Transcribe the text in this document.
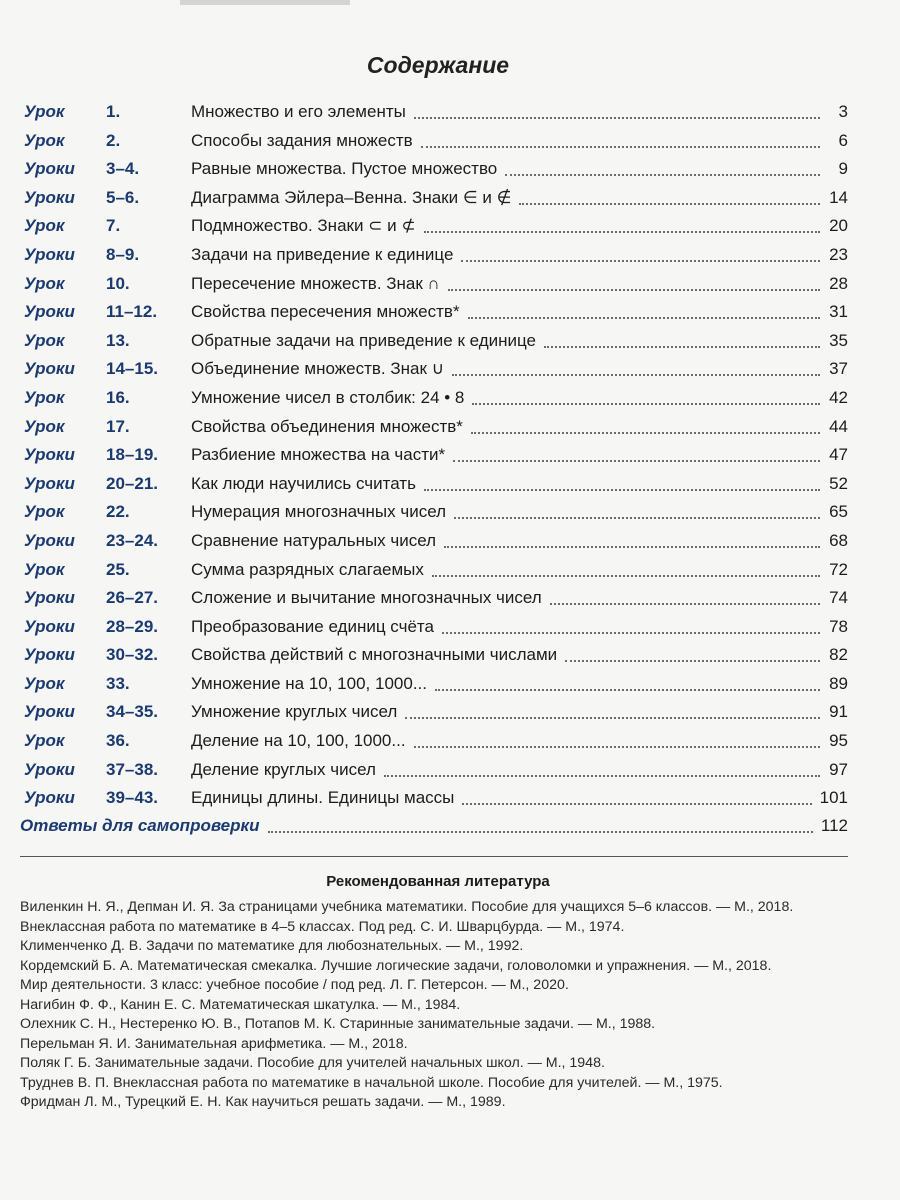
Содержание
Урок 1.	Множество и его элементы	3
Урок 2.	Способы задания множеств	6
Уроки 3–4.	Равные множества. Пустое множество	9
Уроки 5–6.	Диаграмма Эйлера–Венна. Знаки ∈ и ∉	14
Урок 7.	Подмножество. Знаки ⊂ и ⊄	20
Уроки 8–9.	Задачи на приведение к единице	23
Урок 10.	Пересечение множеств. Знак ∩	28
Уроки 11–12. Свойства пересечения множеств*	31
Урок 13.	Обратные задачи на приведение к единице	35
Уроки 14–15. Объединение множеств. Знак ∪	37
Урок 16.	Умножение чисел в столбик: 24 • 8	42
Урок 17.	Свойства объединения множеств*	44
Уроки 18–19. Разбиение множества на части*	47
Уроки 20–21. Как люди научились считать	52
Урок 22.	Нумерация многозначных чисел	65
Уроки 23–24. Сравнение натуральных чисел	68
Урок 25.	Сумма разрядных слагаемых	72
Уроки 26–27. Сложение и вычитание многозначных чисел	74
Уроки 28–29. Преобразование единиц счёта	78
Уроки 30–32. Свойства действий с многозначными числами	82
Урок 33.	Умножение на 10, 100, 1000...	89
Уроки 34–35. Умножение круглых чисел	91
Урок 36.	Деление на 10, 100, 1000...	95
Уроки 37–38. Деление круглых чисел	97
Уроки 39–43. Единицы длины. Единицы массы	101
Ответы для самопроверки	112
Рекомендованная литература
Виленкин Н. Я., Депман И. Я. За страницами учебника математики. Пособие для учащихся 5–6 классов. — М., 2018.
Внеклассная работа по математике в 4–5 классах. Под ред. С. И. Шварцбурда. — М., 1974.
Клименченко Д. В. Задачи по математике для любознательных. — М., 1992.
Кордемский Б. А. Математическая смекалка. Лучшие логические задачи, головоломки и упражнения. — М., 2018.
Мир деятельности. 3 класс: учебное пособие / под ред. Л. Г. Петерсон. — М., 2020.
Нагибин Ф. Ф., Канин Е. С. Математическая шкатулка. — М., 1984.
Олехник С. Н., Нестеренко Ю. В., Потапов М. К. Старинные занимательные задачи. — М., 1988.
Перельман Я. И. Занимательная арифметика. — М., 2018.
Поляк Г. Б. Занимательные задачи. Пособие для учителей начальных школ. — М., 1948.
Труднев В. П. Внеклассная работа по математике в начальной школе. Пособие для учителей. — М., 1975.
Фридман Л. М., Турецкий Е. Н. Как научиться решать задачи. — М., 1989.
